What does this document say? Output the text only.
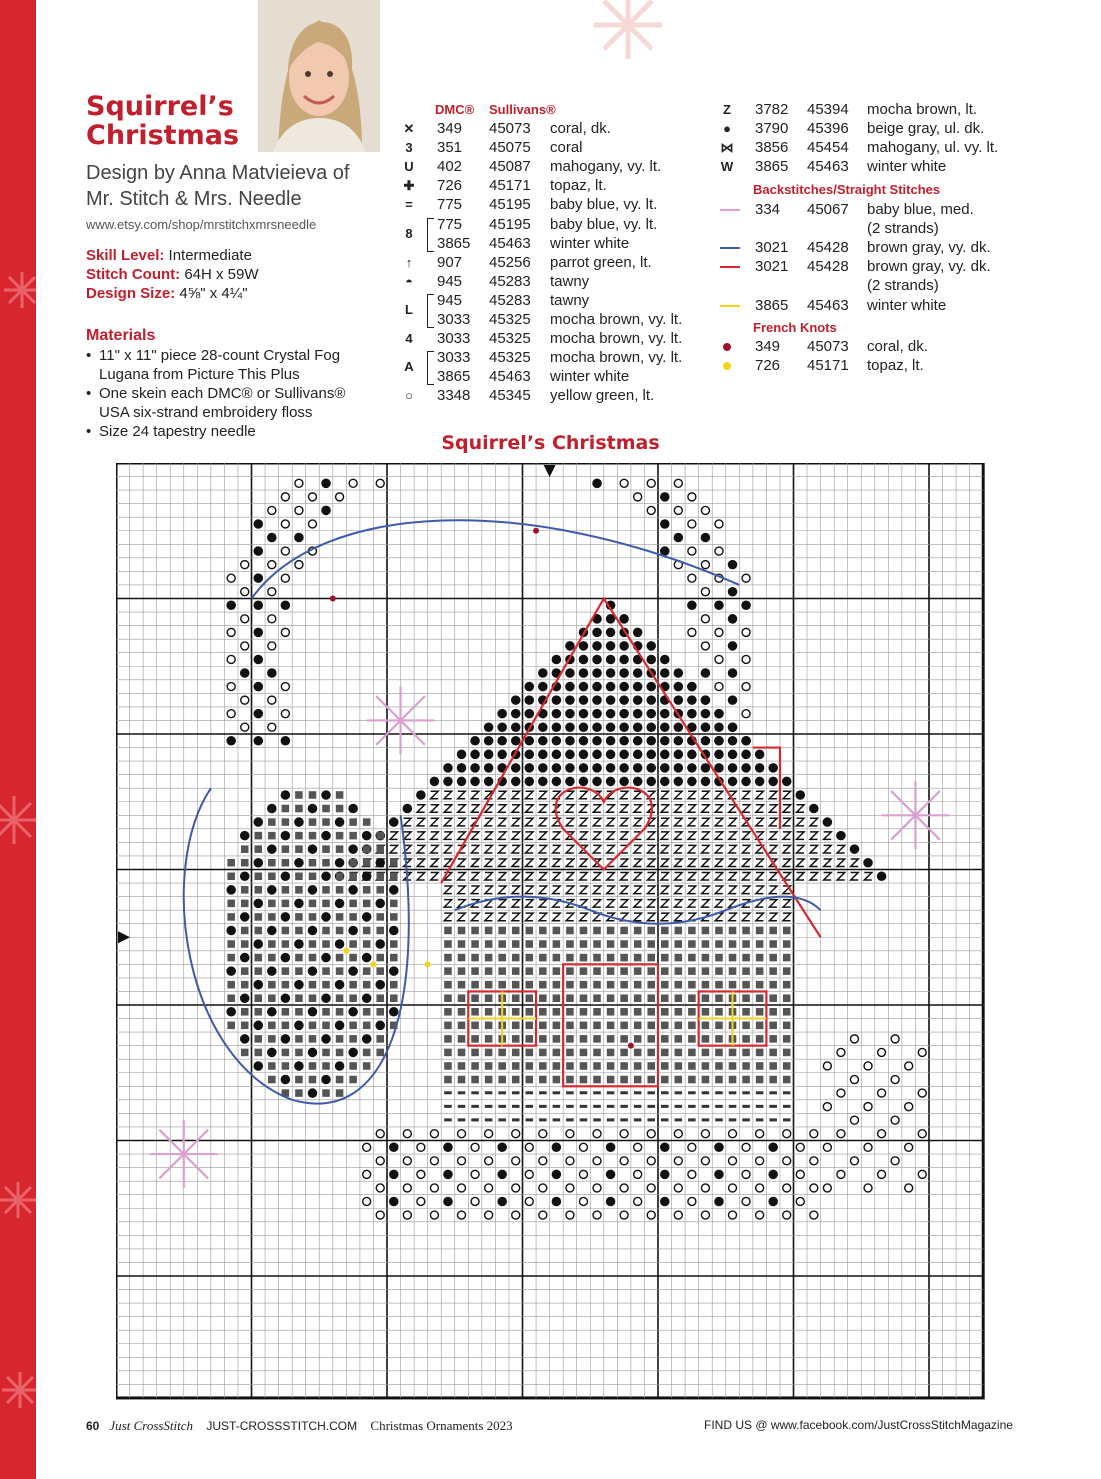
Squirrel’s
Christmas
Design by Anna Matvieieva of
Mr. Stitch & Mrs. Needle
www.etsy.com/shop/mrstitchxmrsneedle
Skill Level: Intermediate
Stitch Count: 64H x 59W
Design Size: 4⅝" x 4¼"
Materials
• 11" x 11" piece 28-count Crystal Fog Lugana from Picture This Plus
• One skein each DMC® or Sullivans® USA six-strand embroidery floss
• Size 24 tapestry needle
DMC® Sullivans®
✕ 349 45073 coral, dk.
3 351 45075 coral
U 402 45087 mahogany, vy. lt.
✚ 726 45171 topaz, lt.
= 775 45195 baby blue, vy. lt.
775 45195 baby blue, vy. lt.
3865 45463 winter white
↑ 907 45256 parrot green, lt.
◓ 945 45283 tawny
945 45283 tawny
3033 45325 mocha brown, vy. lt.
4 3033 45325 mocha brown, vy. lt.
3033 45325 mocha brown, vy. lt.
3865 45463 winter white
○ 3348 45345 yellow green, lt.
8
L
A
Backstitches/Straight Stitches
French Knots
Z 3782 45394 mocha brown, lt.
● 3790 45396 beige gray, ul. dk.
⋈ 3856 45454 mahogany, ul. vy. lt.
W 3865 45463 winter white
334 45067 baby blue, med.
(2 strands)
3021 45428 brown gray, vy. dk.
3021 45428 brown gray, vy. dk.
(2 strands)
3865 45463 winter white
349 45073 coral, dk.
726 45171 topaz, lt.
Squirrel’s Christmas
60 Just CrossStitch JUST-CROSSSTITCH.COM Christmas Ornaments 2023	FIND US @ www.facebook.com/JustCrossStitchMagazine
